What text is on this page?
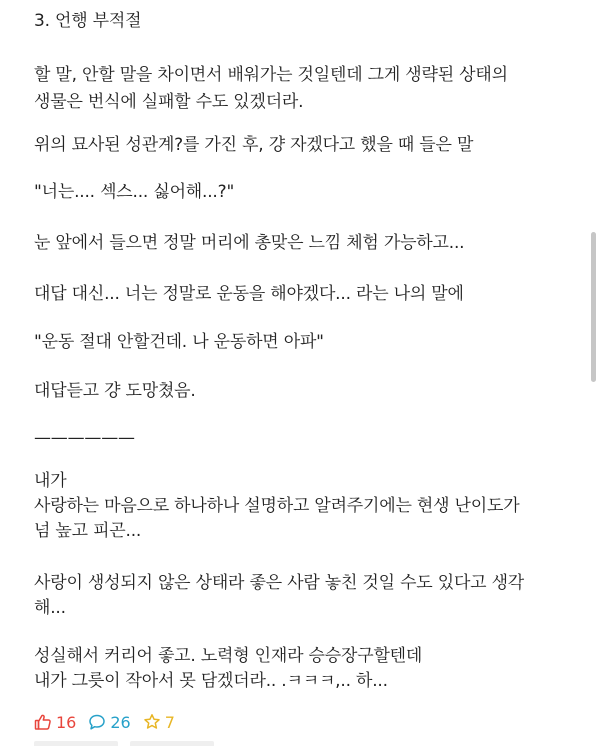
3. 언행 부적절
할 말, 안할 말을 차이면서 배워가는 것일텐데 그게 생략된 상태의
생물은 번식에 실패할 수도 있겠더라.
위의 묘사된 성관계?를 가진 후, 걍 자겠다고 했을 때 들은 말
"너는.... 섹스... 싫어해...?"
눈 앞에서 들으면 정말 머리에 총맞은 느낌 체험 가능하고...
대답 대신... 너는 정말로 운동을 해야겠다... 라는 나의 말에
"운동 절대 안할건데. 나 운동하면 아파"
대답듣고 걍 도망쳤음.
——————
내가
사랑하는 마음으로 하나하나 설명하고 알려주기에는 현생 난이도가
넘 높고 피곤...
사랑이 생성되지 않은 상태라 좋은 사람 놓친 것일 수도 있다고 생각
해...
성실해서 커리어 좋고. 노력형 인재라 승승장구할텐데
내가 그릇이 작아서 못 담겠더라.. .ㅋㅋㅋ,.. 하...
16 26 7
